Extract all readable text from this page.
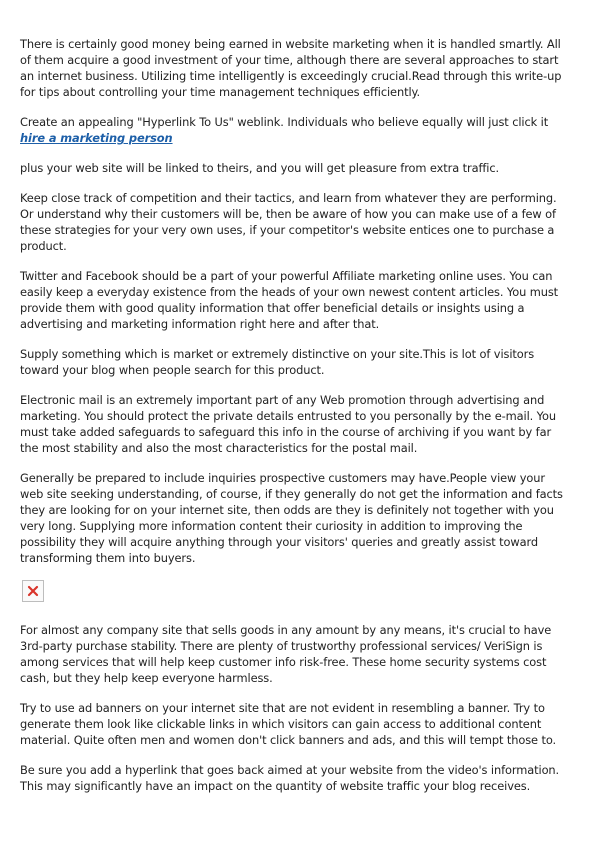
There is certainly good money being earned in website marketing when it is handled smartly. All of them acquire a good investment of your time, although there are several approaches to start an internet business. Utilizing time intelligently is exceedingly crucial.Read through this write-up for tips about controlling your time management techniques efficiently.

Create an appealing "Hyperlink To Us" weblink. Individuals who believe equally will just click it hire a marketing person

plus your web site will be linked to theirs, and you will get pleasure from extra traffic.

Keep close track of competition and their tactics, and learn from whatever they are performing. Or understand why their customers will be, then be aware of how you can make use of a few of these strategies for your very own uses, if your competitor's website entices one to purchase a product.

Twitter and Facebook should be a part of your powerful Affiliate marketing online uses. You can easily keep a everyday existence from the heads of your own newest content articles. You must provide them with good quality information that offer beneficial details or insights using a advertising and marketing information right here and after that.

Supply something which is market or extremely distinctive on your site.This is lot of visitors toward your blog when people search for this product.

Electronic mail is an extremely important part of any Web promotion through advertising and marketing. You should protect the private details entrusted to you personally by the e-mail. You must take added safeguards to safeguard this info in the course of archiving if you want by far the most stability and also the most characteristics for the postal mail.

Generally be prepared to include inquiries prospective customers may have.People view your web site seeking understanding, of course, if they generally do not get the information and facts they are looking for on your internet site, then odds are they is definitely not together with you very long. Supplying more information content their curiosity in addition to improving the possibility they will acquire anything through your visitors' queries and greatly assist toward transforming them into buyers.

For almost any company site that sells goods in any amount by any means, it's crucial to have 3rd-party purchase stability. There are plenty of trustworthy professional services/ VeriSign is among services that will help keep customer info risk-free. These home security systems cost cash, but they help keep everyone harmless.

Try to use ad banners on your internet site that are not evident in resembling a banner. Try to generate them look like clickable links in which visitors can gain access to additional content material. Quite often men and women don't click banners and ads, and this will tempt those to.

Be sure you add a hyperlink that goes back aimed at your website from the video's information. This may significantly have an impact on the quantity of website traffic your blog receives.
